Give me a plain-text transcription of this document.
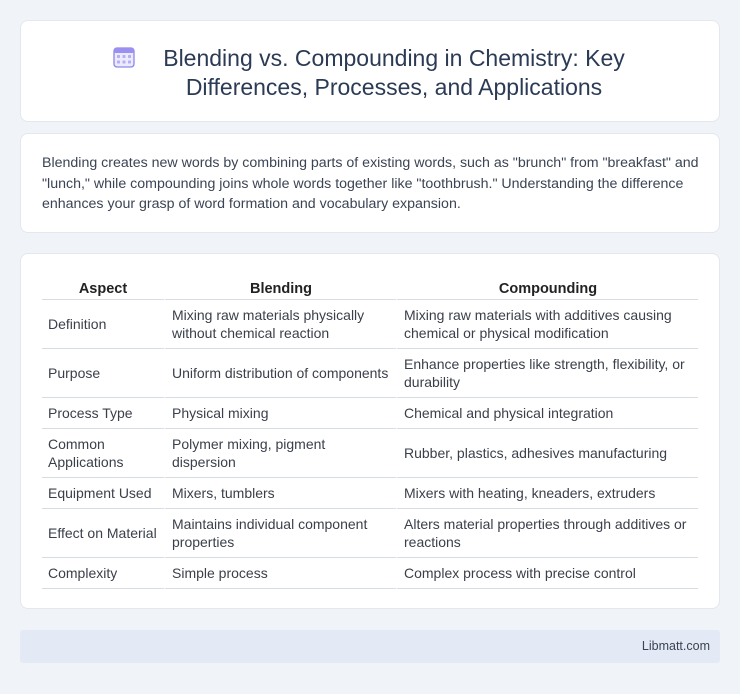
Blending vs. Compounding in Chemistry: Key Differences, Processes, and Applications
Blending creates new words by combining parts of existing words, such as "brunch" from "breakfast" and "lunch," while compounding joins whole words together like "toothbrush." Understanding the difference enhances your grasp of word formation and vocabulary expansion.
Aspect	Blending	Compounding
Definition	Mixing raw materials physically without chemical reaction	Mixing raw materials with additives causing chemical or physical modification
Purpose	Uniform distribution of components	Enhance properties like strength, flexibility, or durability
Process Type	Physical mixing	Chemical and physical integration
Common Applications	Polymer mixing, pigment dispersion	Rubber, plastics, adhesives manufacturing
Equipment Used	Mixers, tumblers	Mixers with heating, kneaders, extruders
Effect on Material	Maintains individual component properties	Alters material properties through additives or reactions
Complexity	Simple process	Complex process with precise control
Libmatt.com
